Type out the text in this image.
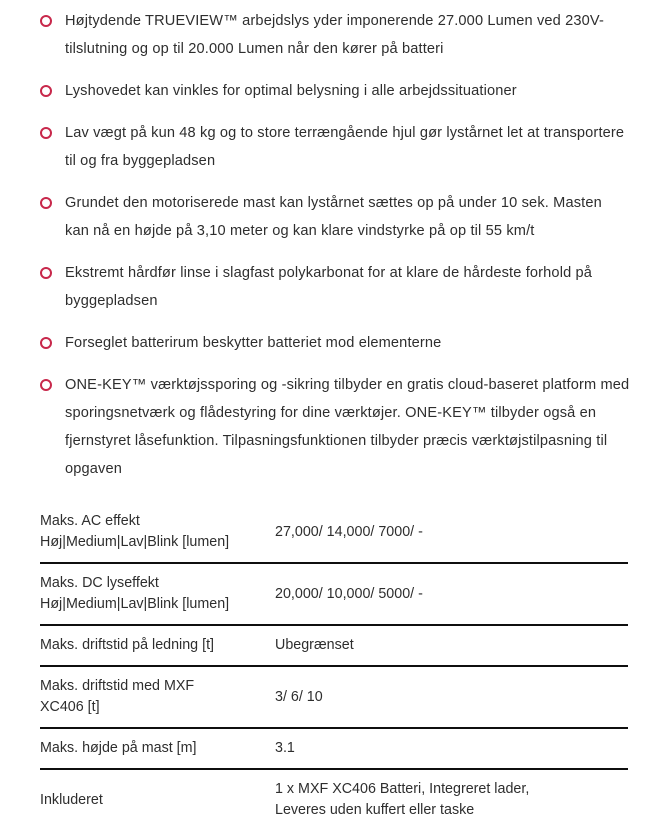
Højtydende TRUEVIEW™ arbejdslys yder imponerende 27.000 Lumen ved 230V-tilslutning og op til 20.000 Lumen når den kører på batteri
Lyshovedet kan vinkles for optimal belysning i alle arbejdssituationer
Lav vægt på kun 48 kg og to store terrængående hjul gør lystårnet let at transportere til og fra byggepladsen
Grundet den motoriserede mast kan lystårnet sættes op på under 10 sek. Masten kan nå en højde på 3,10 meter og kan klare vindstyrke på op til 55 km/t
Ekstremt hårdfør linse i slagfast polykarbonat for at klare de hårdeste forhold på byggepladsen
Forseglet batterirum beskytter batteriet mod elementerne
ONE-KEY™ værktøjssporing og -sikring tilbyder en gratis cloud-baseret platform med sporingsnetværk og flådestyring for dine værktøjer. ONE-KEY™ tilbyder også en fjernstyret låsefunktion. Tilpasningsfunktionen tilbyder præcis værktøjstilpasning til opgaven
Maks. AC effekt
Høj|Medium|Lav|Blink [lumen]	27,000/ 14,000/ 7000/ -
Maks. DC lyseffekt
Høj|Medium|Lav|Blink [lumen]	20,000/ 10,000/ 5000/ -
Maks. driftstid på ledning [t]	Ubegrænset
Maks. driftstid med MXF
XC406 [t]	3/ 6/ 10
Maks. højde på mast [m]	3.1
Inkluderet	1 x MXF XC406 Batteri, Integreret lader,
Leveres uden kuffert eller taske
